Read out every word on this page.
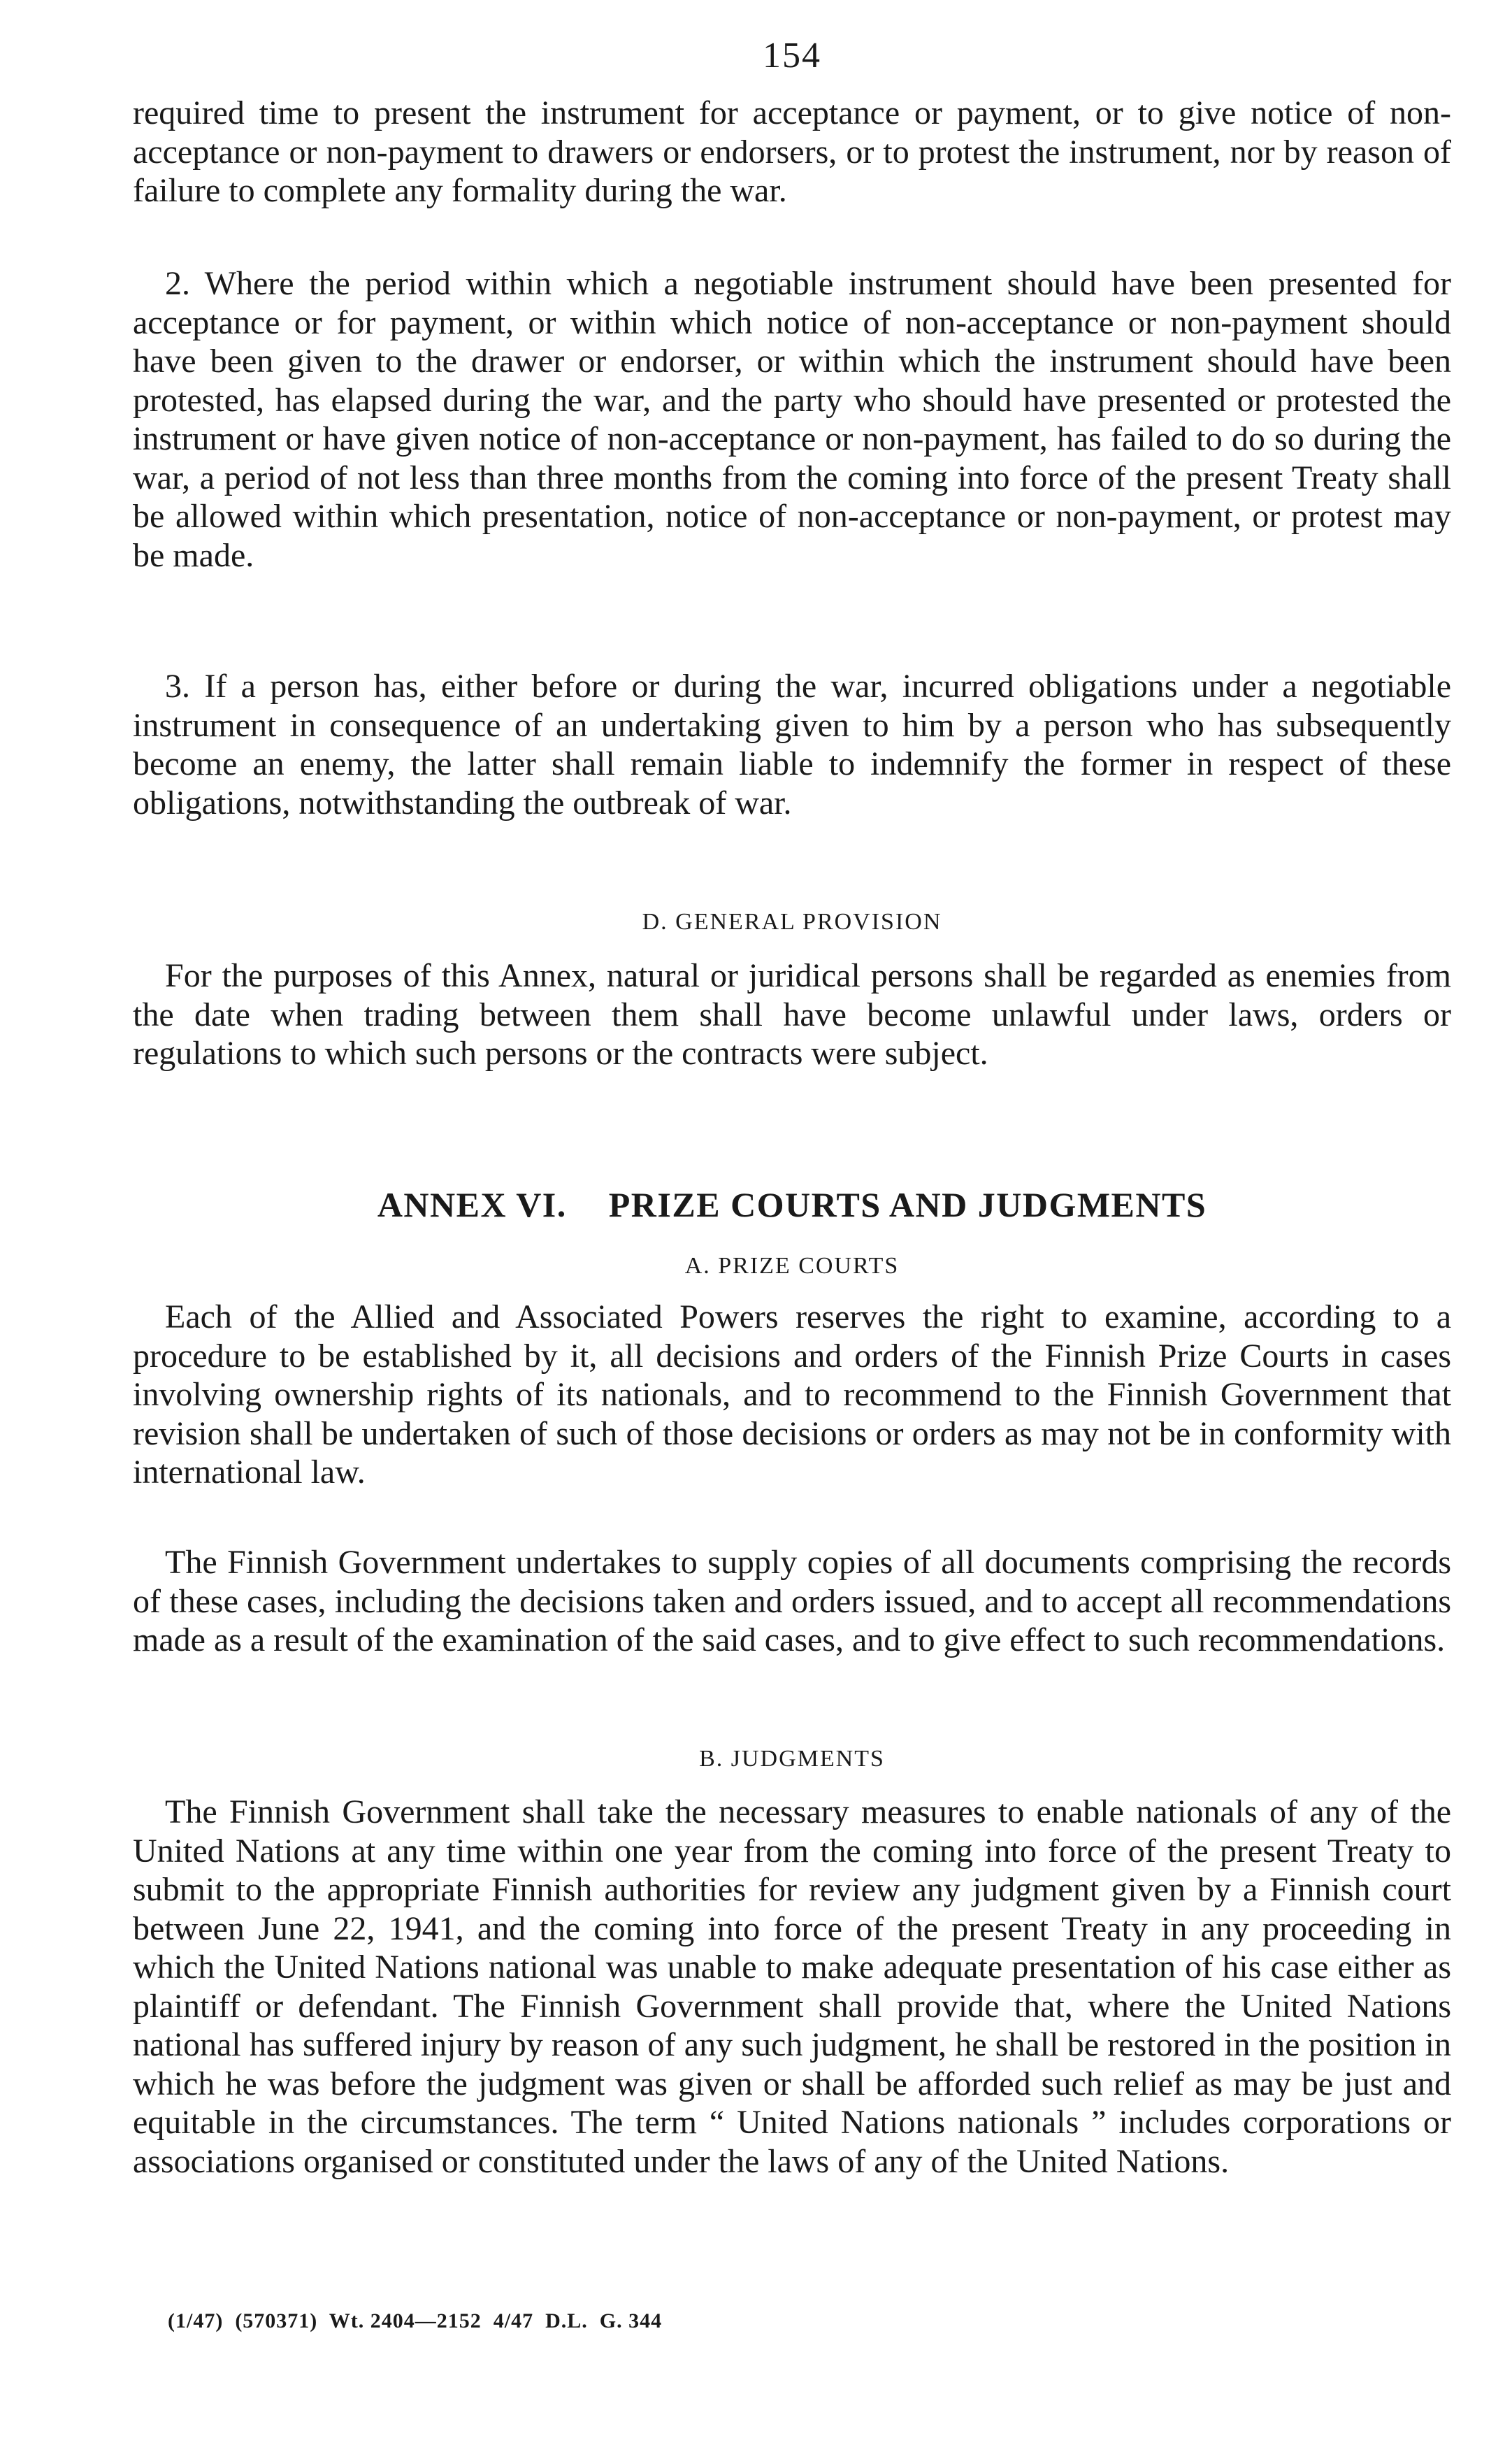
154

required time to present the instrument for acceptance or payment, or to give notice of non-acceptance or non-payment to drawers or endorsers, or to protest the instrument, nor by reason of failure to complete any formality during the war.

2. Where the period within which a negotiable instrument should have been presented for acceptance or for payment, or within which notice of non-acceptance or non-payment should have been given to the drawer or endorser, or within which the instrument should have been protested, has elapsed during the war, and the party who should have presented or protested the instrument or have given notice of non-acceptance or non-payment, has failed to do so during the war, a period of not less than three months from the coming into force of the present Treaty shall be allowed within which presentation, notice of non-acceptance or non-payment, or protest may be made.

3. If a person has, either before or during the war, incurred obligations under a negotiable instrument in consequence of an undertaking given to him by a person who has subsequently become an enemy, the latter shall remain liable to indemnify the former in respect of these obligations, notwithstanding the outbreak of war.

D. GENERAL PROVISION

For the purposes of this Annex, natural or juridical persons shall be regarded as enemies from the date when trading between them shall have become unlawful under laws, orders or regulations to which such persons or the contracts were subject.

ANNEX VI. PRIZE COURTS AND JUDGMENTS
A. PRIZE COURTS

Each of the Allied and Associated Powers reserves the right to examine, according to a procedure to be established by it, all decisions and orders of the Finnish Prize Courts in cases involving ownership rights of its nationals, and to recommend to the Finnish Government that revision shall be undertaken of such of those decisions or orders as may not be in conformity with international law.

The Finnish Government undertakes to supply copies of all documents comprising the records of these cases, including the decisions taken and orders issued, and to accept all recommendations made as a result of the examination of the said cases, and to give effect to such recommendations.

B. JUDGMENTS

The Finnish Government shall take the necessary measures to enable nationals of any of the United Nations at any time within one year from the coming into force of the present Treaty to submit to the appropriate Finnish authorities for review any judgment given by a Finnish court between June 22, 1941, and the coming into force of the present Treaty in any proceeding in which the United Nations national was unable to make adequate presentation of his case either as plaintiff or defendant. The Finnish Government shall provide that, where the United Nations national has suffered injury by reason of any such judgment, he shall be restored in the position in which he was before the judgment was given or shall be afforded such relief as may be just and equitable in the circumstances. The term “ United Nations nationals ” includes corporations or associations organised or constituted under the laws of any of the United Nations.

(1/47)  (570371)  Wt. 2404—2152  4/47  D.L.  G. 344
